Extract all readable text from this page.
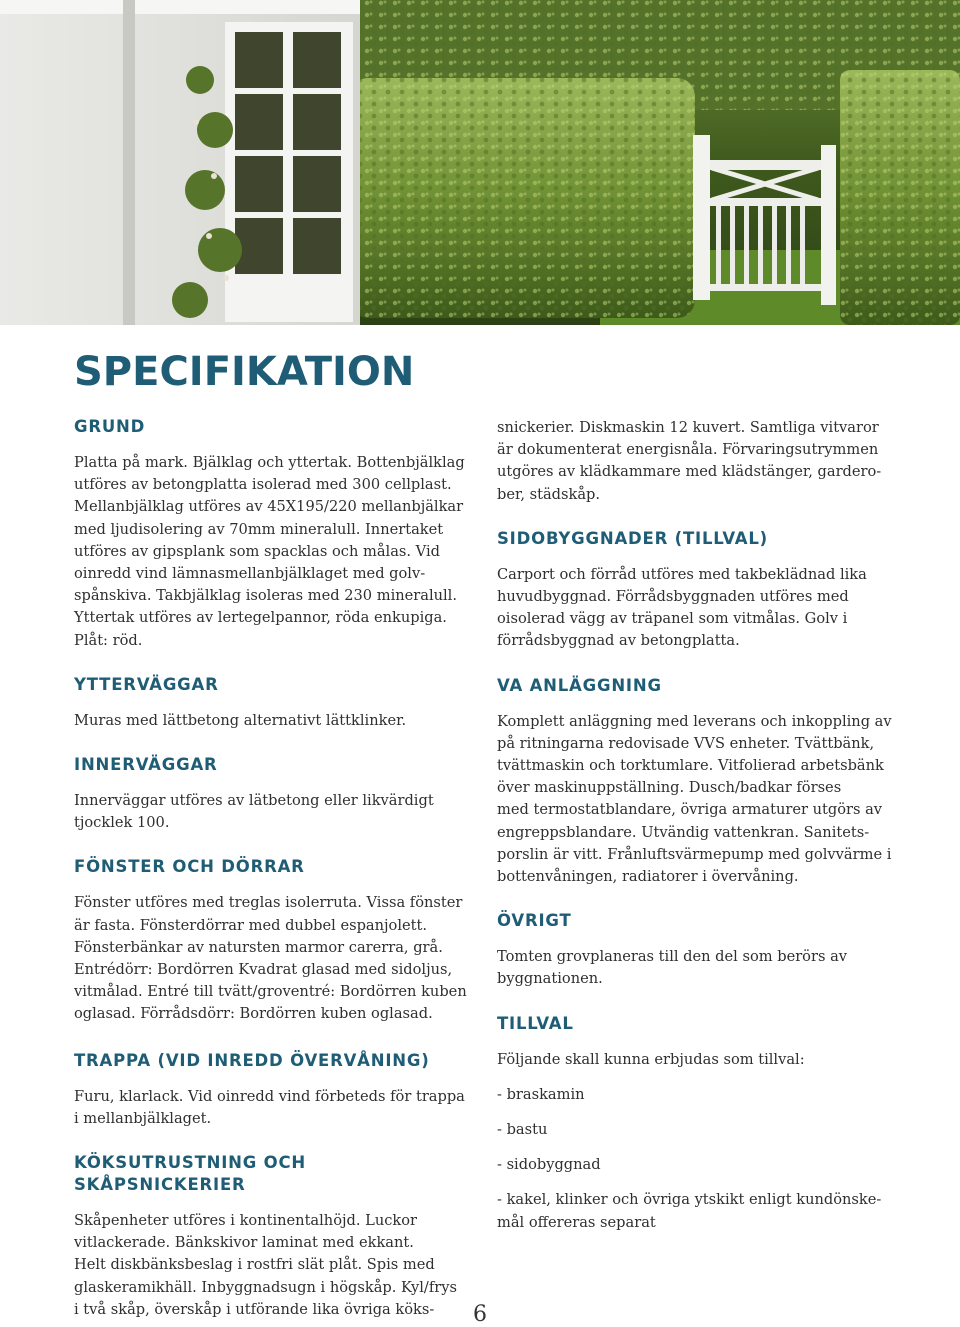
SPECIFIKATION
GRUND

Platta på mark. Bjälklag och yttertak. Bottenbjälklag
utföres av betongplatta isolerad med 300 cellplast.
Mellanbjälklag utföres av 45X195/220 mellanbjälkar
med ljudisolering av 70mm mineralull. Innertaket
utföres av gipsplank som spacklas och målas. Vid
oinredd vind lämnasmellanbjälklaget med golv-
spånskiva. Takbjälklag isoleras med 230 mineralull.
Yttertak utföres av lertegelpannor, röda enkupiga.
Plåt: röd.

YTTERVÄGGAR

Muras med lättbetong alternativt lättklinker.

INNERVÄGGAR

Innerväggar utföres av lätbetong eller likvärdigt
tjocklek 100.

FÖNSTER OCH DÖRRAR

Fönster utföres med treglas isolerruta. Vissa fönster
är fasta. Fönsterdörrar med dubbel espanjolett.
Fönsterbänkar av natursten marmor carerra, grå.
Entrédörr: Bordörren Kvadrat glasad med sidoljus,
vitmålad. Entré till tvätt/groventré: Bordörren kuben
oglasad. Förrådsdörr: Bordörren kuben oglasad.

TRAPPA (VID INREDD ÖVERVÅNING)

Furu, klarlack. Vid oinredd vind förbeteds för trappa
i mellanbjälklaget.

KÖKSUTRUSTNING OCH SKÅPSNICKERIER

Skåpenheter utföres i kontinentalhöjd. Luckor
vitlackerade. Bänkskivor laminat med ekkant.
Helt diskbänksbeslag i rostfri slät plåt. Spis med
glaskeramikhäll. Inbyggnadsugn i högskåp. Kyl/frys
i två skåp, överskåp i utförande lika övriga köks-

snickerier. Diskmaskin 12 kuvert. Samtliga vitvaror
är dokumenterat energisnåla. Förvaringsutrymmen
utgöres av klädkammare med klädstänger, gardero-
ber, städskåp.

SIDOBYGGNADER (TILLVAL)

Carport och förråd utföres med takbeklädnad lika
huvudbyggnad. Förrådsbyggnaden utföres med
oisolerad vägg av träpanel som vitmålas. Golv i
förrådsbyggnad av betongplatta.

VA ANLÄGGNING

Komplett anläggning med leverans och inkoppling av
på ritningarna redovisade VVS enheter. Tvättbänk,
tvättmaskin och torktumlare. Vitfolierad arbetsbänk
över maskinuppställning. Dusch/badkar förses
med termostatblandare, övriga armaturer utgörs av
engreppsblandare. Utvändig vattenkran. Sanitets-
porslin är vitt. Frånluftsvärmepump med golvvärme i
bottenvåningen, radiatorer i övervåning.

ÖVRIGT

Tomten grovplaneras till den del som berörs av
byggnationen.

TILLVAL

Följande skall kunna erbjudas som tillval:

- braskamin

- bastu

- sidobyggnad

- kakel, klinker och övriga ytskikt enligt kundönske-
mål offereras separat

6
